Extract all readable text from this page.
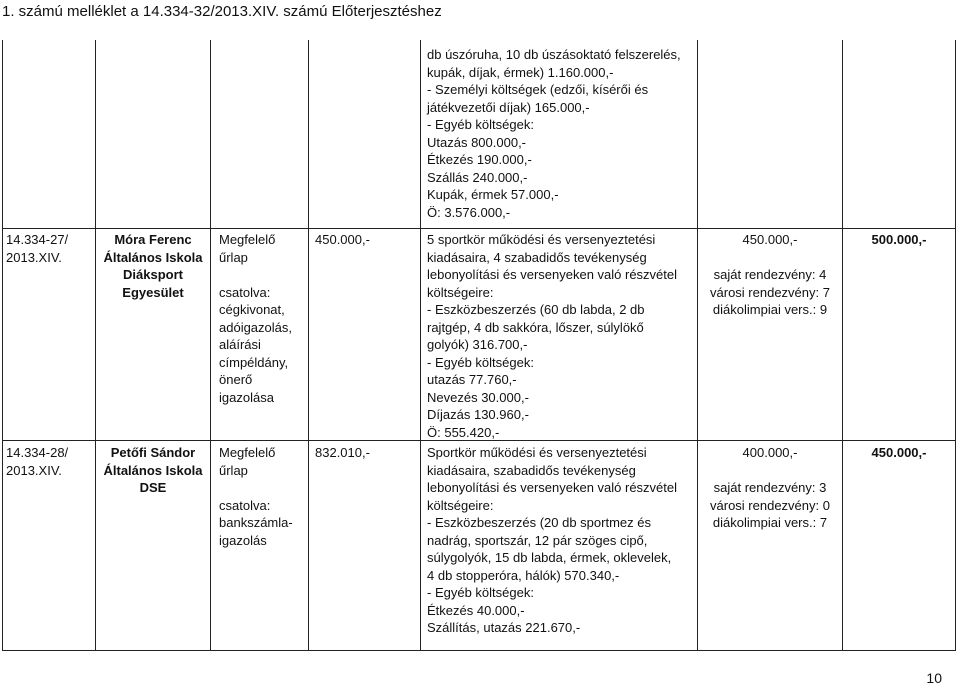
1. számú melléklet a 14.334-32/2013.XIV. számú Előterjesztéshez
db úszóruha, 10 db úszásoktató felszerelés,
kupák, díjak, érmek) 1.160.000,-
- Személyi költségek (edzői, kísérői és
játékvezetői díjak) 165.000,-
- Egyéb költségek:
Utazás 800.000,-
Étkezés 190.000,-
Szállás 240.000,-
Kupák, érmek 57.000,-
Ö: 3.576.000,-
14.334-27/
2013.XIV.
Móra Ferenc
Általános Iskola
Diáksport
Egyesület
Megfelelő
űrlap

csatolva:
cégkivonat,
adóigazolás,
aláírási
címpéldány,
önerő
igazolása
450.000,-	5 sportkör működési és versenyeztetési
kiadásaira, 4 szabadidős tevékenység
lebonyolítási és versenyeken való részvétel
költségeire:
- Eszközbeszerzés (60 db labda, 2 db
rajtgép, 4 db sakkóra, lőszer, súlylökő
golyók) 316.700,-
- Egyéb költségek:
utazás 77.760,-
Nevezés 30.000,-
Díjazás 130.960,-
Ö: 555.420,-
450.000,-

saját rendezvény: 4
városi rendezvény: 7
diákolimpiai vers.: 9
500.000,-
14.334-28/
2013.XIV.
Petőfi Sándor
Általános Iskola
DSE
Megfelelő
űrlap

csatolva:
bankszámla-
igazolás
832.010,-	Sportkör működési és versenyeztetési
kiadásaira, szabadidős tevékenység
lebonyolítási és versenyeken való részvétel
költségeire:
- Eszközbeszerzés (20 db sportmez és
nadrág, sportszár, 12 pár szöges cipő,
súlygolyók, 15 db labda, érmek, oklevelek,
4 db stopperóra, hálók) 570.340,-
- Egyéb költségek:
Étkezés 40.000,-
Szállítás, utazás 221.670,-
400.000,-

saját rendezvény: 3
városi rendezvény: 0
diákolimpiai vers.: 7
450.000,-
10
